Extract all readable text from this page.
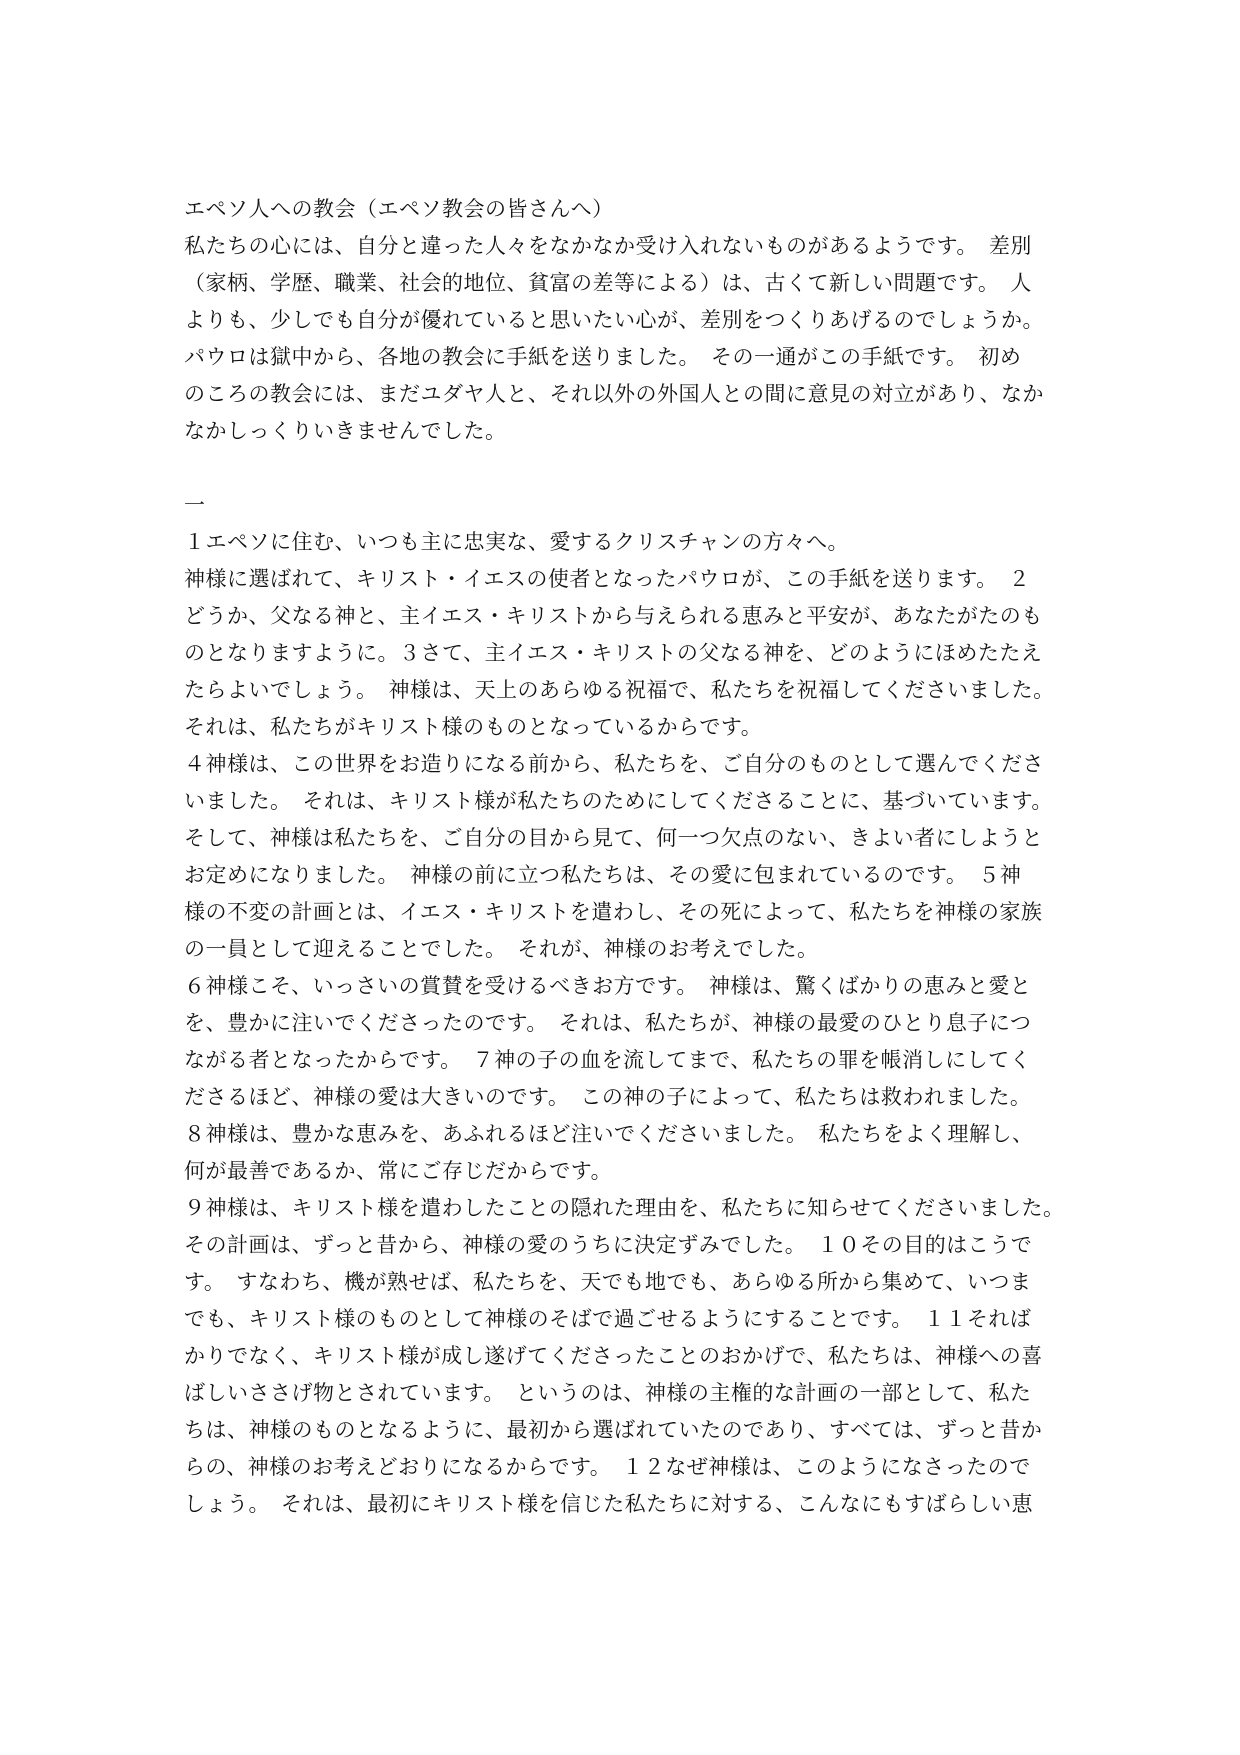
エペソ人への教会（エペソ教会の皆さんへ）
私たちの心には、自分と違った人々をなかなか受け入れないものがあるようです。　差別
（家柄、学歴、職業、社会的地位、貧富の差等による）は、古くて新しい問題です。　人
よりも、少しでも自分が優れていると思いたい心が、差別をつくりあげるのでしょうか。
パウロは獄中から、各地の教会に手紙を送りました。　その一通がこの手紙です。　初め
のころの教会には、まだユダヤ人と、それ以外の外国人との間に意見の対立があり、なか
なかしっくりいきませんでした。
一
１エペソに住む、いつも主に忠実な、愛するクリスチャンの方々へ。
神様に選ばれて、キリスト・イエスの使者となったパウロが、この手紙を送ります。　２
どうか、父なる神と、主イエス・キリストから与えられる恵みと平安が、あなたがたのも
のとなりますように。３さて、主イエス・キリストの父なる神を、どのようにほめたたえ
たらよいでしょう。　神様は、天上のあらゆる祝福で、私たちを祝福してくださいました。
それは、私たちがキリスト様のものとなっているからです。
４神様は、この世界をお造りになる前から、私たちを、ご自分のものとして選んでくださ
いました。　それは、キリスト様が私たちのためにしてくださることに、基づいています。
そして、神様は私たちを、ご自分の目から見て、何一つ欠点のない、きよい者にしようと
お定めになりました。　神様の前に立つ私たちは、その愛に包まれているのです。　５神
様の不変の計画とは、イエス・キリストを遣わし、その死によって、私たちを神様の家族
の一員として迎えることでした。　それが、神様のお考えでした。
６神様こそ、いっさいの賞賛を受けるべきお方です。　神様は、驚くばかりの恵みと愛と
を、豊かに注いでくださったのです。　それは、私たちが、神様の最愛のひとり息子につ
ながる者となったからです。　７神の子の血を流してまで、私たちの罪を帳消しにしてく
ださるほど、神様の愛は大きいのです。　この神の子によって、私たちは救われました。
８神様は、豊かな恵みを、あふれるほど注いでくださいました。　私たちをよく理解し、
何が最善であるか、常にご存じだからです。
９神様は、キリスト様を遣わしたことの隠れた理由を、私たちに知らせてくださいました。
その計画は、ずっと昔から、神様の愛のうちに決定ずみでした。　１０その目的はこうで
す。　すなわち、機が熟せば、私たちを、天でも地でも、あらゆる所から集めて、いつま
でも、キリスト様のものとして神様のそばで過ごせるようにすることです。　１１それば
かりでなく、キリスト様が成し遂げてくださったことのおかげで、私たちは、神様への喜
ばしいささげ物とされています。　というのは、神様の主権的な計画の一部として、私た
ちは、神様のものとなるように、最初から選ばれていたのであり、すべては、ずっと昔か
らの、神様のお考えどおりになるからです。　１２なぜ神様は、このようになさったので
しょう。　それは、最初にキリスト様を信じた私たちに対する、こんなにもすばらしい恵
